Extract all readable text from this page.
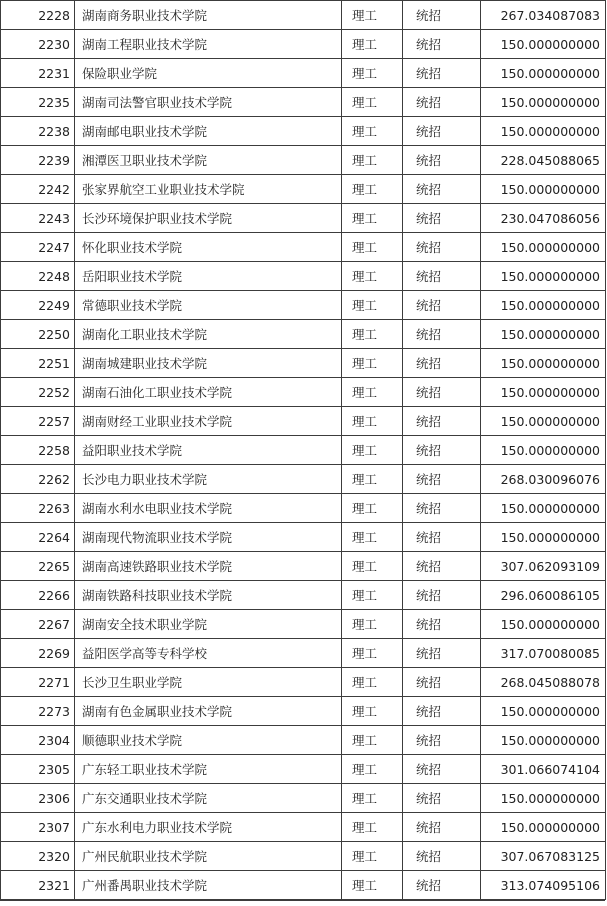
2228	湖南商务职业技术学院	理工	统招	267.034087083
2230	湖南工程职业技术学院	理工	统招	150.000000000
2231	保险职业学院	理工	统招	150.000000000
2235	湖南司法警官职业技术学院	理工	统招	150.000000000
2238	湖南邮电职业技术学院	理工	统招	150.000000000
2239	湘潭医卫职业技术学院	理工	统招	228.045088065
2242	张家界航空工业职业技术学院	理工	统招	150.000000000
2243	长沙环境保护职业技术学院	理工	统招	230.047086056
2247	怀化职业技术学院	理工	统招	150.000000000
2248	岳阳职业技术学院	理工	统招	150.000000000
2249	常德职业技术学院	理工	统招	150.000000000
2250	湖南化工职业技术学院	理工	统招	150.000000000
2251	湖南城建职业技术学院	理工	统招	150.000000000
2252	湖南石油化工职业技术学院	理工	统招	150.000000000
2257	湖南财经工业职业技术学院	理工	统招	150.000000000
2258	益阳职业技术学院	理工	统招	150.000000000
2262	长沙电力职业技术学院	理工	统招	268.030096076
2263	湖南水利水电职业技术学院	理工	统招	150.000000000
2264	湖南现代物流职业技术学院	理工	统招	150.000000000
2265	湖南高速铁路职业技术学院	理工	统招	307.062093109
2266	湖南铁路科技职业技术学院	理工	统招	296.060086105
2267	湖南安全技术职业学院	理工	统招	150.000000000
2269	益阳医学高等专科学校	理工	统招	317.070080085
2271	长沙卫生职业学院	理工	统招	268.045088078
2273	湖南有色金属职业技术学院	理工	统招	150.000000000
2304	顺德职业技术学院	理工	统招	150.000000000
2305	广东轻工职业技术学院	理工	统招	301.066074104
2306	广东交通职业技术学院	理工	统招	150.000000000
2307	广东水利电力职业技术学院	理工	统招	150.000000000
2320	广州民航职业技术学院	理工	统招	307.067083125
2321	广州番禺职业技术学院	理工	统招	313.074095106
